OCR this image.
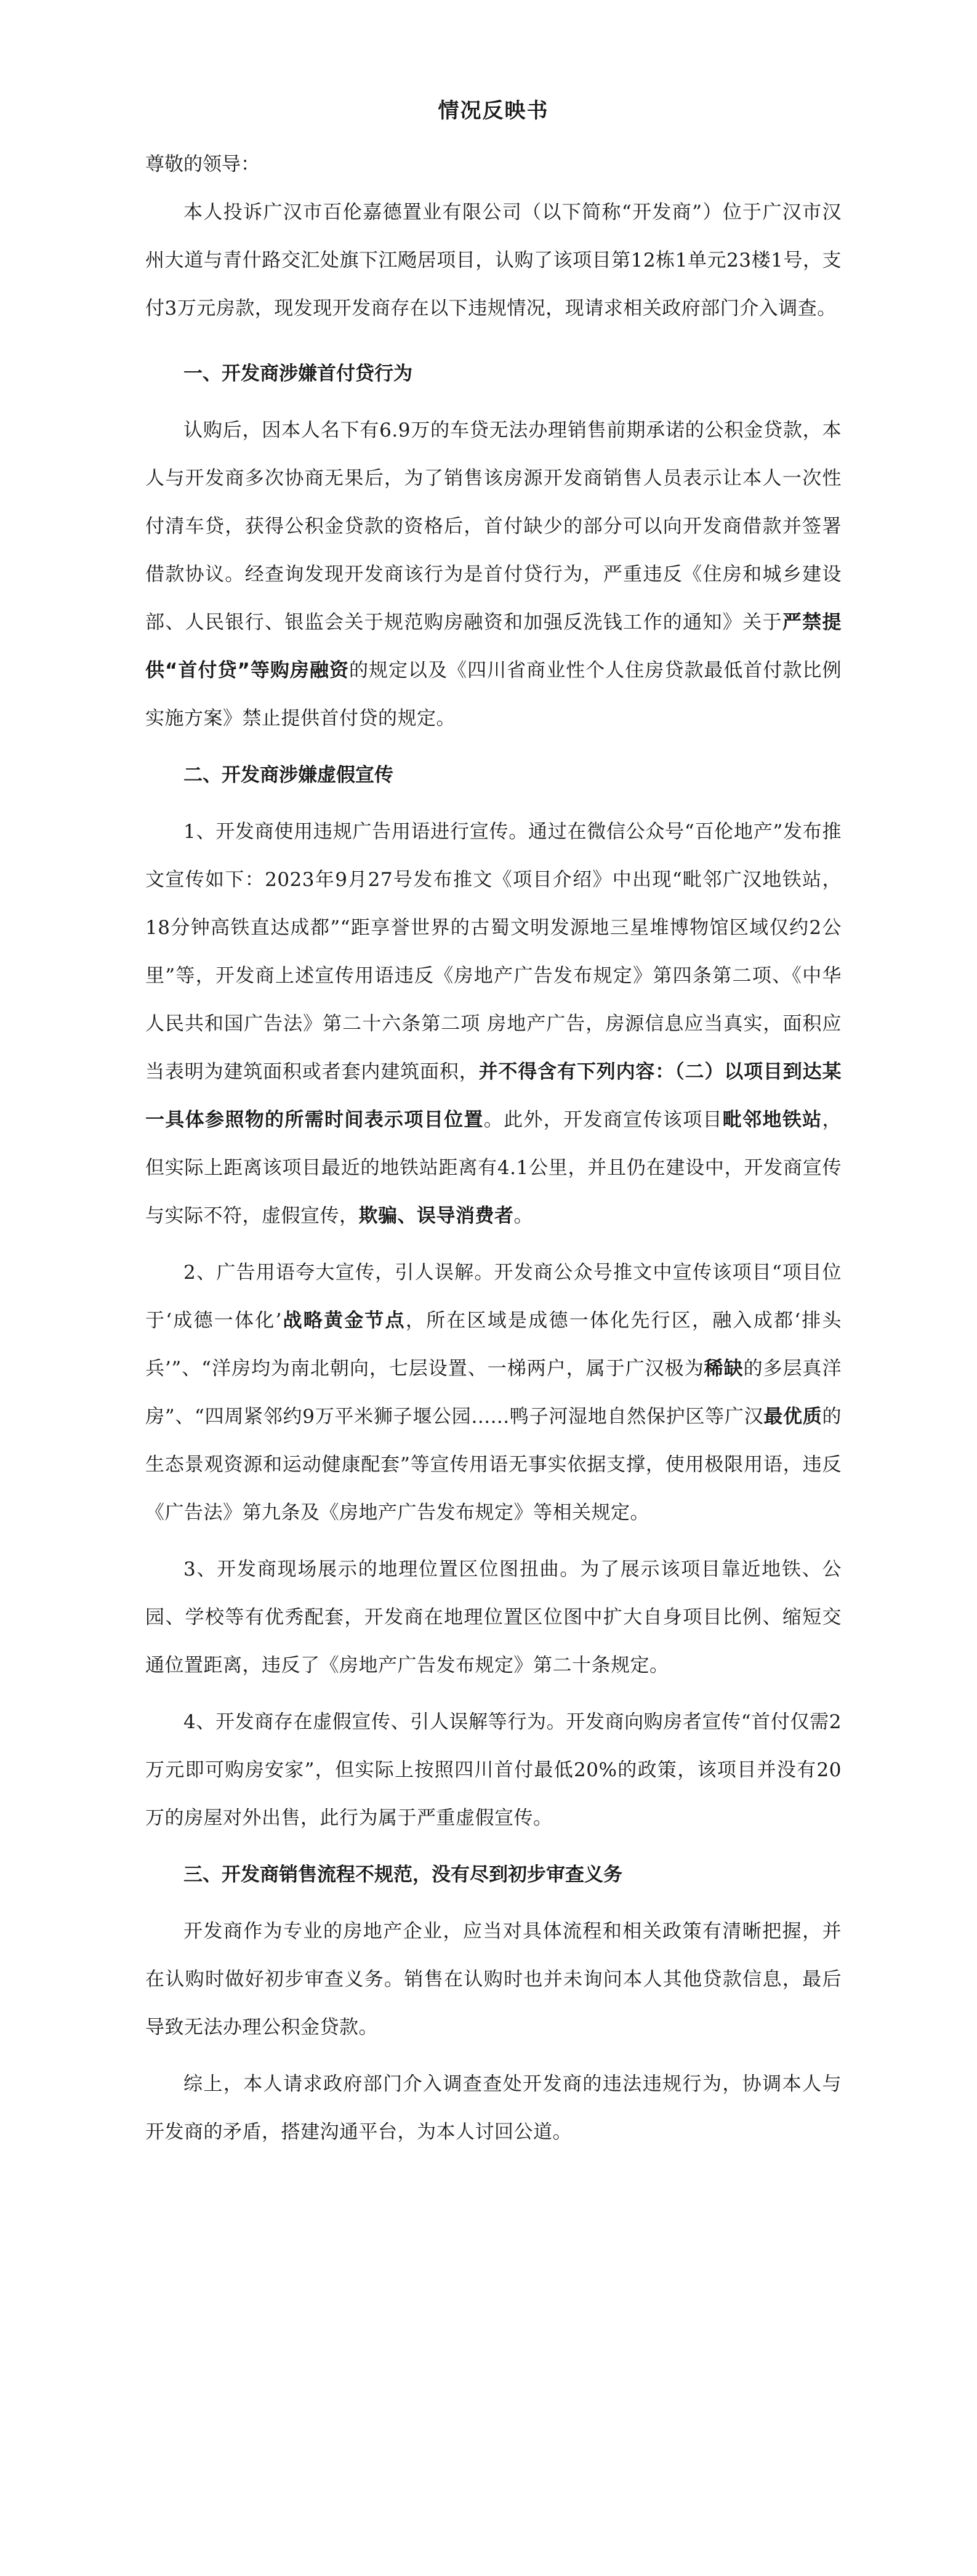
情况反映书

尊敬的领导：

本人投诉广汉市百伦嘉德置业有限公司（以下简称“开发商”）位于广汉市汉州大道与青什路交汇处旗下江飏居项目，认购了该项目第12栋1单元23楼1号，支付3万元房款，现发现开发商存在以下违规情况，现请求相关政府部门介入调查。

一、开发商涉嫌首付贷行为

认购后，因本人名下有6.9万的车贷无法办理销售前期承诺的公积金贷款，本人与开发商多次协商无果后，为了销售该房源开发商销售人员表示让本人一次性付清车贷，获得公积金贷款的资格后，首付缺少的部分可以向开发商借款并签署借款协议。经查询发现开发商该行为是首付贷行为，严重违反《住房和城乡建设部、人民银行、银监会关于规范购房融资和加强反洗钱工作的通知》关于严禁提供“首付贷”等购房融资的规定以及《四川省商业性个人住房贷款最低首付款比例实施方案》禁止提供首付贷的规定。

二、开发商涉嫌虚假宣传

1、开发商使用违规广告用语进行宣传。通过在微信公众号“百伦地产”发布推文宣传如下：2023年9月27号发布推文《项目介绍》中出现“毗邻广汉地铁站，18分钟高铁直达成都”“距享誉世界的古蜀文明发源地三星堆博物馆区域仅约2公里”等，开发商上述宣传用语违反《房地产广告发布规定》第四条第二项、《中华人民共和国广告法》第二十六条第二项 房地产广告，房源信息应当真实，面积应当表明为建筑面积或者套内建筑面积，并不得含有下列内容：（二）以项目到达某一具体参照物的所需时间表示项目位置。此外，开发商宣传该项目毗邻地铁站，但实际上距离该项目最近的地铁站距离有4.1公里，并且仍在建设中，开发商宣传与实际不符，虚假宣传，欺骗、误导消费者。

2、广告用语夸大宣传，引人误解。开发商公众号推文中宣传该项目“项目位于‘成德一体化’战略黄金节点，所在区域是成德一体化先行区，融入成都‘排头兵’”、“洋房均为南北朝向，七层设置、一梯两户，属于广汉极为稀缺的多层真洋房”、“四周紧邻约9万平米狮子堰公园......鸭子河湿地自然保护区等广汉最优质的生态景观资源和运动健康配套”等宣传用语无事实依据支撑，使用极限用语，违反《广告法》第九条及《房地产广告发布规定》等相关规定。

3、开发商现场展示的地理位置区位图扭曲。为了展示该项目靠近地铁、公园、学校等有优秀配套，开发商在地理位置区位图中扩大自身项目比例、缩短交通位置距离，违反了《房地产广告发布规定》第二十条规定。

4、开发商存在虚假宣传、引人误解等行为。开发商向购房者宣传“首付仅需2万元即可购房安家”，但实际上按照四川首付最低20%的政策，该项目并没有20万的房屋对外出售，此行为属于严重虚假宣传。

三、开发商销售流程不规范，没有尽到初步审查义务

开发商作为专业的房地产企业，应当对具体流程和相关政策有清晰把握，并在认购时做好初步审查义务。销售在认购时也并未询问本人其他贷款信息，最后导致无法办理公积金贷款。

综上，本人请求政府部门介入调查查处开发商的违法违规行为，协调本人与开发商的矛盾，搭建沟通平台，为本人讨回公道。
